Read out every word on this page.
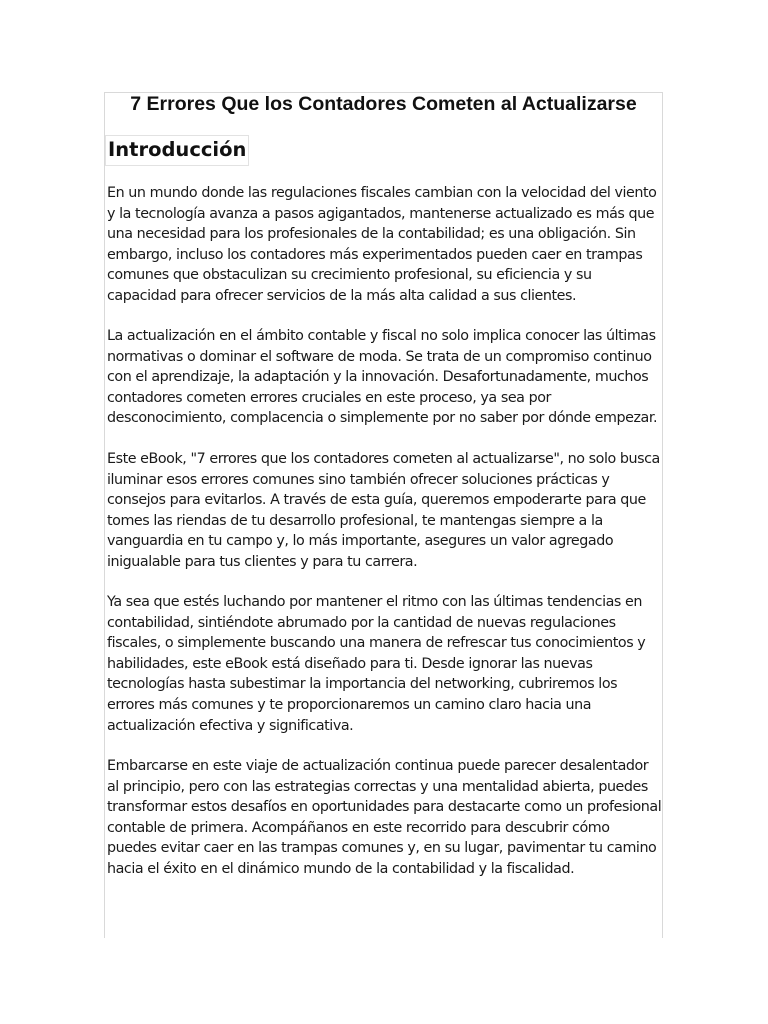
7 Errores Que los Contadores Cometen al Actualizarse
Introducción

En un mundo donde las regulaciones fiscales cambian con la velocidad del viento y la tecnología avanza a pasos agigantados, mantenerse actualizado es más que una necesidad para los profesionales de la contabilidad; es una obligación. Sin embargo, incluso los contadores más experimentados pueden caer en trampas comunes que obstaculizan su crecimiento profesional, su eficiencia y su capacidad para ofrecer servicios de la más alta calidad a sus clientes.

La actualización en el ámbito contable y fiscal no solo implica conocer las últimas normativas o dominar el software de moda. Se trata de un compromiso continuo con el aprendizaje, la adaptación y la innovación. Desafortunadamente, muchos contadores cometen errores cruciales en este proceso, ya sea por desconocimiento, complacencia o simplemente por no saber por dónde empezar.

Este eBook, "7 errores que los contadores cometen al actualizarse", no solo busca iluminar esos errores comunes sino también ofrecer soluciones prácticas y consejos para evitarlos. A través de esta guía, queremos empoderarte para que tomes las riendas de tu desarrollo profesional, te mantengas siempre a la vanguardia en tu campo y, lo más importante, asegures un valor agregado inigualable para tus clientes y para tu carrera.

Ya sea que estés luchando por mantener el ritmo con las últimas tendencias en contabilidad, sintiéndote abrumado por la cantidad de nuevas regulaciones fiscales, o simplemente buscando una manera de refrescar tus conocimientos y habilidades, este eBook está diseñado para ti. Desde ignorar las nuevas tecnologías hasta subestimar la importancia del networking, cubriremos los errores más comunes y te proporcionaremos un camino claro hacia una actualización efectiva y significativa.

Embarcarse en este viaje de actualización continua puede parecer desalentador al principio, pero con las estrategias correctas y una mentalidad abierta, puedes transformar estos desafíos en oportunidades para destacarte como un profesional contable de primera. Acompáñanos en este recorrido para descubrir cómo puedes evitar caer en las trampas comunes y, en su lugar, pavimentar tu camino hacia el éxito en el dinámico mundo de la contabilidad y la fiscalidad.
